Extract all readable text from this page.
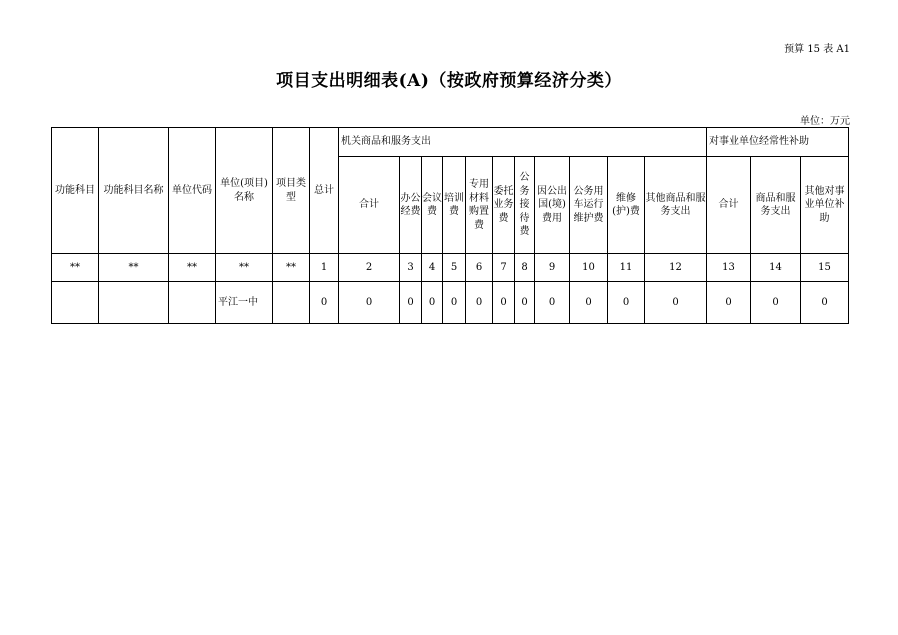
预算 15 表 A1
项目支出明细表(A)（按政府预算经济分类）
单位：万元
功能科目	功能科目名称	单位代码	单位(项目)名称	项目类型	总计	机关商品和服务支出											对事业单位经常性补助		
						合计	办公经费	会议费	培训费	专用材料购置费	委托业务费	公务接待费	因公出国(境)费用	公务用车运行维护费	维修(护)费	其他商品和服务支出	合计	商品和服务支出	其他对事业单位补助
**	**	**	**	**	1	2	3	4	5	6	7	8	9	10	11	12	13	14	15
			平江一中		0	0	0	0	0	0	0	0	0	0	0	0	0	0	0
